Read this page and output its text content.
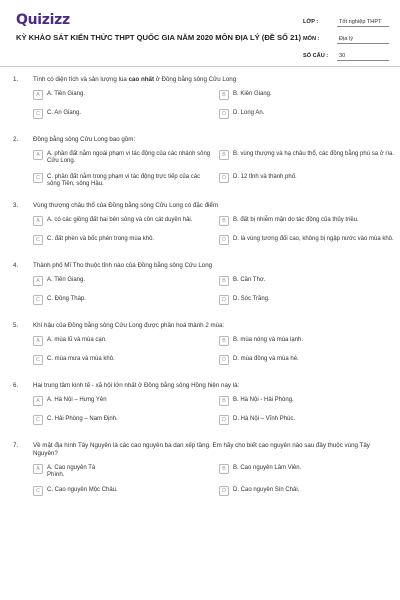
Quizizz
KỲ KHẢO SÁT KIẾN THỨC THPT QUỐC GIA NĂM 2020 MÔN ĐỊA LÝ (ĐỀ SỐ 21)
LỚP :	Tốt nghiệp THPT
MÔN :	Địa lý
SỐ CÂU :	30
1.	Tính có diện tích và sản lượng lúa cao nhất ở Đồng bằng sông Cửu Long
A	A. Tiền Giang.	B	B. Kiên Giang.
C	C. An Giang.	D	D. Long An.
2.	Đồng bằng sông Cửu Long bao gồm:
A	A. phần đất nằm ngoài phạm vi tác động của các nhánh sông Cửu Long.
B	B. vùng thượng và hạ châu thổ, các đồng bằng phù sa ở rìa.
C	C. phần đất nằm trong phạm vi tác động trực tiếp của các sông Tiền, sông Hậu.
D	D. 12 tỉnh và thành phố.
3.	Vùng thượng châu thổ của Đồng bằng sông Cửu Long có đặc điểm
A	A. có các giồng đất hai bên sông và cồn cát duyên hải.	B	B. đất bị nhiễm mặn do tác động của thủy triều.
C	C. đất phèn và bốc phèn trong mùa khô.	D	D. là vùng tương đối cao, không bị ngập nước vào mùa khô.
4.	Thành phố Mĩ Tho thuộc tỉnh nào của Đồng bằng sông Cửu Long
A	A. Tiền Giang.	B	B. Cần Thơ.
C	C. Đồng Tháp.	D	D. Sóc Trăng.
5.	Khí hậu của Đồng bằng sông Cửu Long được phân hoá thành 2 mùa:
A	A. mùa lũ và mùa cạn.	B	B. mùa nóng và mùa lạnh.
C	C. mùa mưa và mùa khô.	D	D. mùa đông và mùa hè.
6.	Hai trung tâm kinh tế - xã hội lớn nhất ở Đồng bằng sông Hồng hiện nay là:
A	A. Hà Nội – Hưng Yên	B	B. Hà Nội - Hải Phòng.
C	C. Hải Phòng – Nam Định.	D	D. Hà Nội – Vĩnh Phúc.
7.	Về mặt địa hình Tây Nguyên là các cao nguyên ba dan xếp tầng. Em hãy cho biết cao nguyên nào sau đây thuộc vùng Tây Nguyên?
A	A. Cao nguyên Tà Phình.
B	B. Cao nguyên Lâm Viên.
C	C. Cao nguyên Mộc Châu.	D	D. Cao nguyên Sín Chải.
